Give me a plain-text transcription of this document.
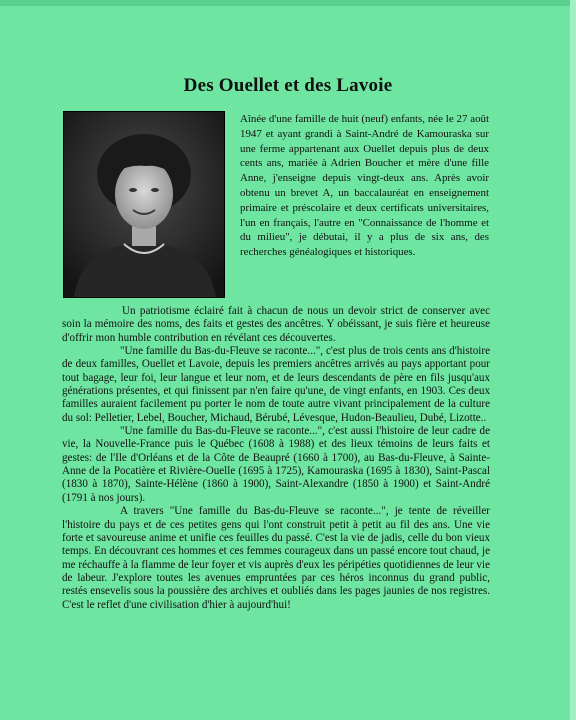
Des Ouellet et des Lavoie

Aînée d'une famille de huit (neuf) enfants, née le 27 août 1947 et ayant grandi à Saint-André de Kamouraska sur une ferme appartenant aux Ouellet depuis plus de deux cents ans, mariée à Adrien Boucher et mère d'une fille Anne, j'enseigne depuis vingt-deux ans. Après avoir obtenu un brevet A, un baccalauréat en enseignement primaire et préscolaire et deux certificats universitaires, l'un en français, l'autre en "Connaissance de l'homme et du milieu", je débutai, il y a plus de six ans, des recherches généalogiques et historiques.

Un patriotisme éclairé fait à chacun de nous un devoir strict de conserver avec soin la mémoire des noms, des faits et gestes des ancêtres. Y obéissant, je suis fière et heureuse d'offrir mon humble contribution en révélant ces découvertes.

"Une famille du Bas-du-Fleuve se raconte...", c'est plus de trois cents ans d'histoire de deux familles, Ouellet et Lavoie, depuis les premiers ancêtres arrivés au pays apportant pour tout bagage, leur foi, leur langue et leur nom, et de leurs descendants de père en fils jusqu'aux générations présentes, et qui finissent par n'en faire qu'une, de vingt enfants, en 1903. Ces deux familles auraient facilement pu porter le nom de toute autre vivant principalement de la culture du sol: Pelletier, Lebel, Boucher, Michaud, Bérubé, Lévesque, Hudon-Beaulieu, Dubé, Lizotte..

"Une famille du Bas-du-Fleuve se raconte...", c'est aussi l'histoire de leur cadre de vie, la Nouvelle-France puis le Québec (1608 à 1988) et des lieux témoins de leurs faits et gestes: de l'Ile d'Orléans et de la Côte de Beaupré (1660 à 1700), au Bas-du-Fleuve, à Sainte-Anne de la Pocatière et Rivière-Ouelle (1695 à 1725), Kamouraska (1695 à 1830), Saint-Pascal (1830 à 1870), Sainte-Hélène (1860 à 1900), Saint-Alexandre (1850 à 1900) et Saint-André (1791 à nos jours).

A travers "Une famille du Bas-du-Fleuve se raconte...", je tente de réveiller l'histoire du pays et de ces petites gens qui l'ont construit petit à petit au fil des ans. Une vie forte et savoureuse anime et unifie ces feuilles du passé. C'est la vie de jadis, celle du bon vieux temps. En découvrant ces hommes et ces femmes courageux dans un passé encore tout chaud, je me réchauffe à la flamme de leur foyer et vis auprès d'eux les péripéties quotidiennes de leur vie de labeur. J'explore toutes les avenues empruntées par ces héros inconnus du grand public, restés ensevelis sous la poussière des archives et oubliés dans les pages jaunies de nos registres. C'est le reflet d'une civilisation d'hier à aujourd'hui!
